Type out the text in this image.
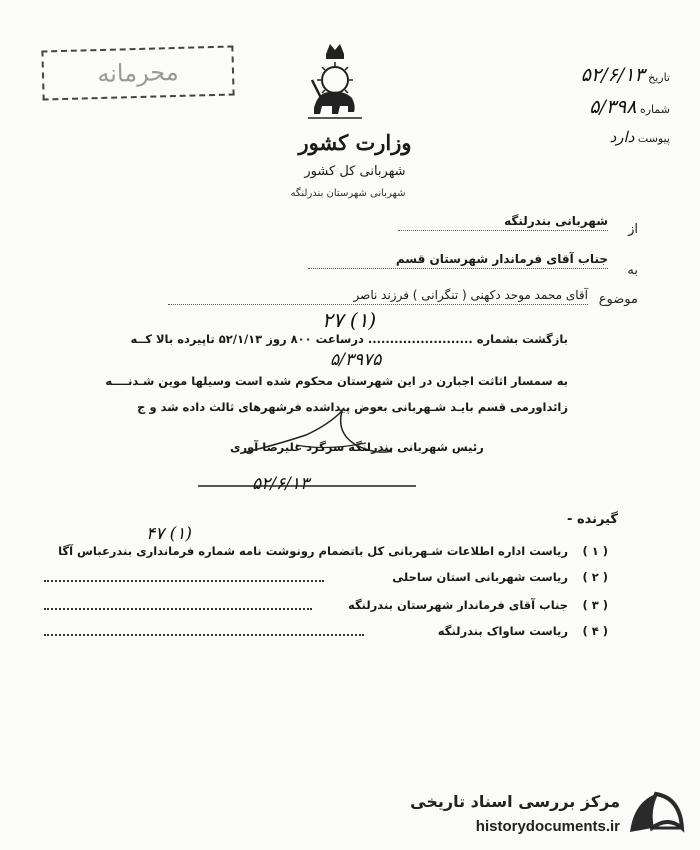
محرمانه	تاریخ ۵۲/۶/۱۳
شماره ۵/۳۹۸
پیوست دارد
وزارت کشور
شهربانی کل کشور
شهربانی شهرستان بندرلنگه
از
شهربانی بندرلنگه
به
جناب آقای فرماندار شهرستان قسم
موضوع
آقای محمد موحد دکهنی ( تنگرانی ) فرزند ناصر
۲۷ (۱)
۵/۳۹۷۵
بازگشت بشماره ........................ درساعت ۸۰۰ روز ۵۲/۱/۱۳ تاپیرده بالا کــه
به سمسار اثاثت اجبارن در این شهرستان محکوم شده است وسیلها موین شـدنــــه
زائداورمی قسم بایـد شـهربانی بعوض پیداشده فرشهرهای ثالث داده شد و ج
رئیس شهربانی بندرلنگه سرگرد علیرضا آوری
۵۲/۶/۱۳
گیرنده -
۴۷ (۱)
( ۱ )
ریاست اداره اطلاعات شـهربانی کل باتضمام رونوشت نامه شماره فرمانداری بندرعباس آگا
( ۲ )
ریاست شهربانی استان ساحلی
( ۳ )
جناب آقای فرماندار شهرستان بندرلنگه
( ۴ )
ریاست ساواک بندرلنگه
مرکز بررسی اسناد تاریخی
historydocuments.ir
